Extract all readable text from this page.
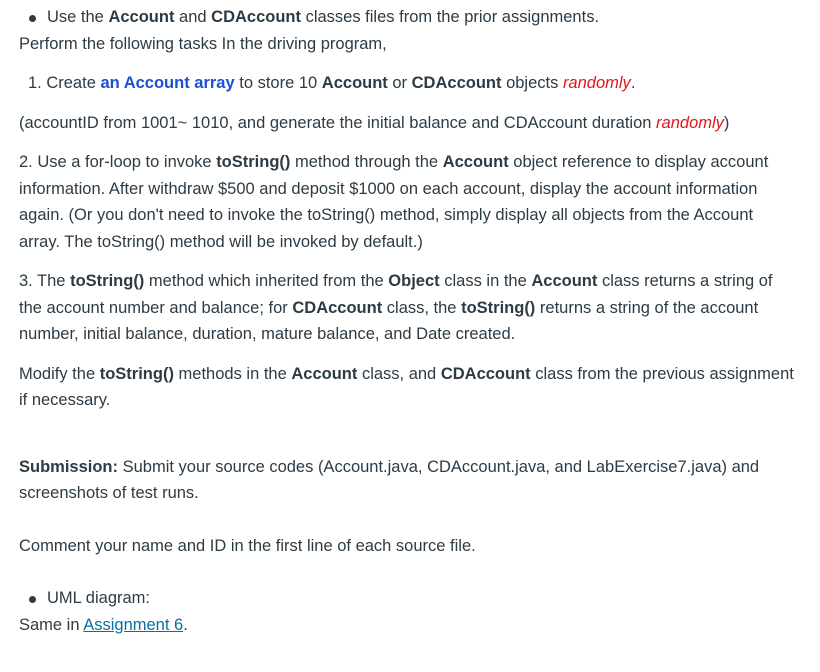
Use the Account and CDAccount classes files from the prior assignments.

Perform the following tasks In the driving program,

1. Create an Account array to store 10 Account or CDAccount objects randomly.

(accountID from 1001~ 1010, and generate the initial balance and CDAccount duration randomly)

2. Use a for-loop to invoke toString() method through the Account object reference to display account information. After withdraw $500 and deposit $1000 on each account, display the account information again. (Or you don't need to invoke the toString() method, simply display all objects from the Account array. The toString() method will be invoked by default.)

3. The toString() method which inherited from the Object class in the Account class returns a string of the account number and balance; for CDAccount class, the toString() returns a string of the account number, initial balance, duration, mature balance, and Date created.

Modify the toString() methods in the Account class, and CDAccount class from the previous assignment if necessary.

Submission: Submit your source codes (Account.java, CDAccount.java, and LabExercise7.java) and screenshots of test runs.

Comment your name and ID in the first line of each source file.

UML diagram:

Same in Assignment 6.
